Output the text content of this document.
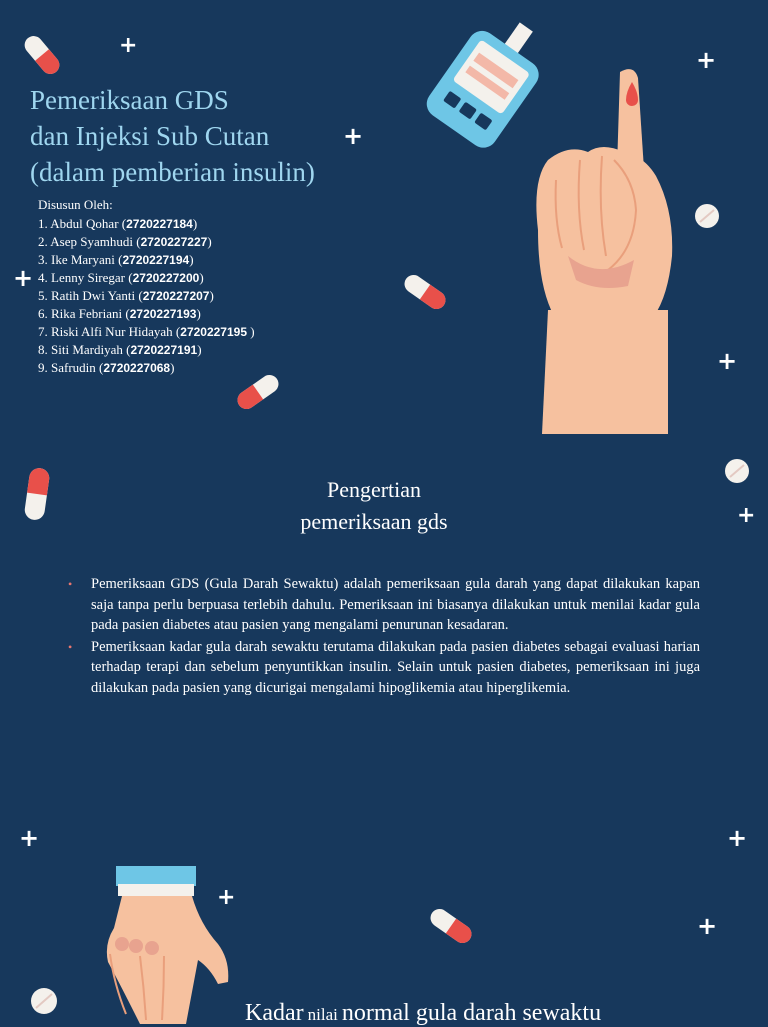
Pemeriksaan GDS
dan Injeksi Sub Cutan
(dalam pemberian insulin)
Disusun Oleh:
1. Abdul Qohar (2720227184)
2. Asep Syamhudi (2720227227)
3. Ike Maryani (2720227194)
4. Lenny Siregar (2720227200)
5. Ratih Dwi Yanti (2720227207)
6. Rika Febriani (2720227193)
7. Riski Alfi Nur Hidayah (2720227195 )
8. Siti Mardiyah (2720227191)
9. Safrudin (2720227068)
Pengertian
pemeriksaan gds
• Pemeriksaan GDS (Gula Darah Sewaktu) adalah pemeriksaan gula darah yang dapat dilakukan kapan saja tanpa perlu berpuasa terlebih dahulu. Pemeriksaan ini biasanya dilakukan untuk menilai kadar gula pada pasien diabetes atau pasien yang mengalami penurunan kesadaran.
• Pemeriksaan kadar gula darah sewaktu terutama dilakukan pada pasien diabetes sebagai evaluasi harian terhadap terapi dan sebelum penyuntikkan insulin. Selain untuk pasien diabetes, pemeriksaan ini juga dilakukan pada pasien yang dicurigai mengalami hipoglikemia atau hiperglikemia.
Kadar nilai normal gula darah sewaktu
+
+
+
+
+
+
+	+
+
+
